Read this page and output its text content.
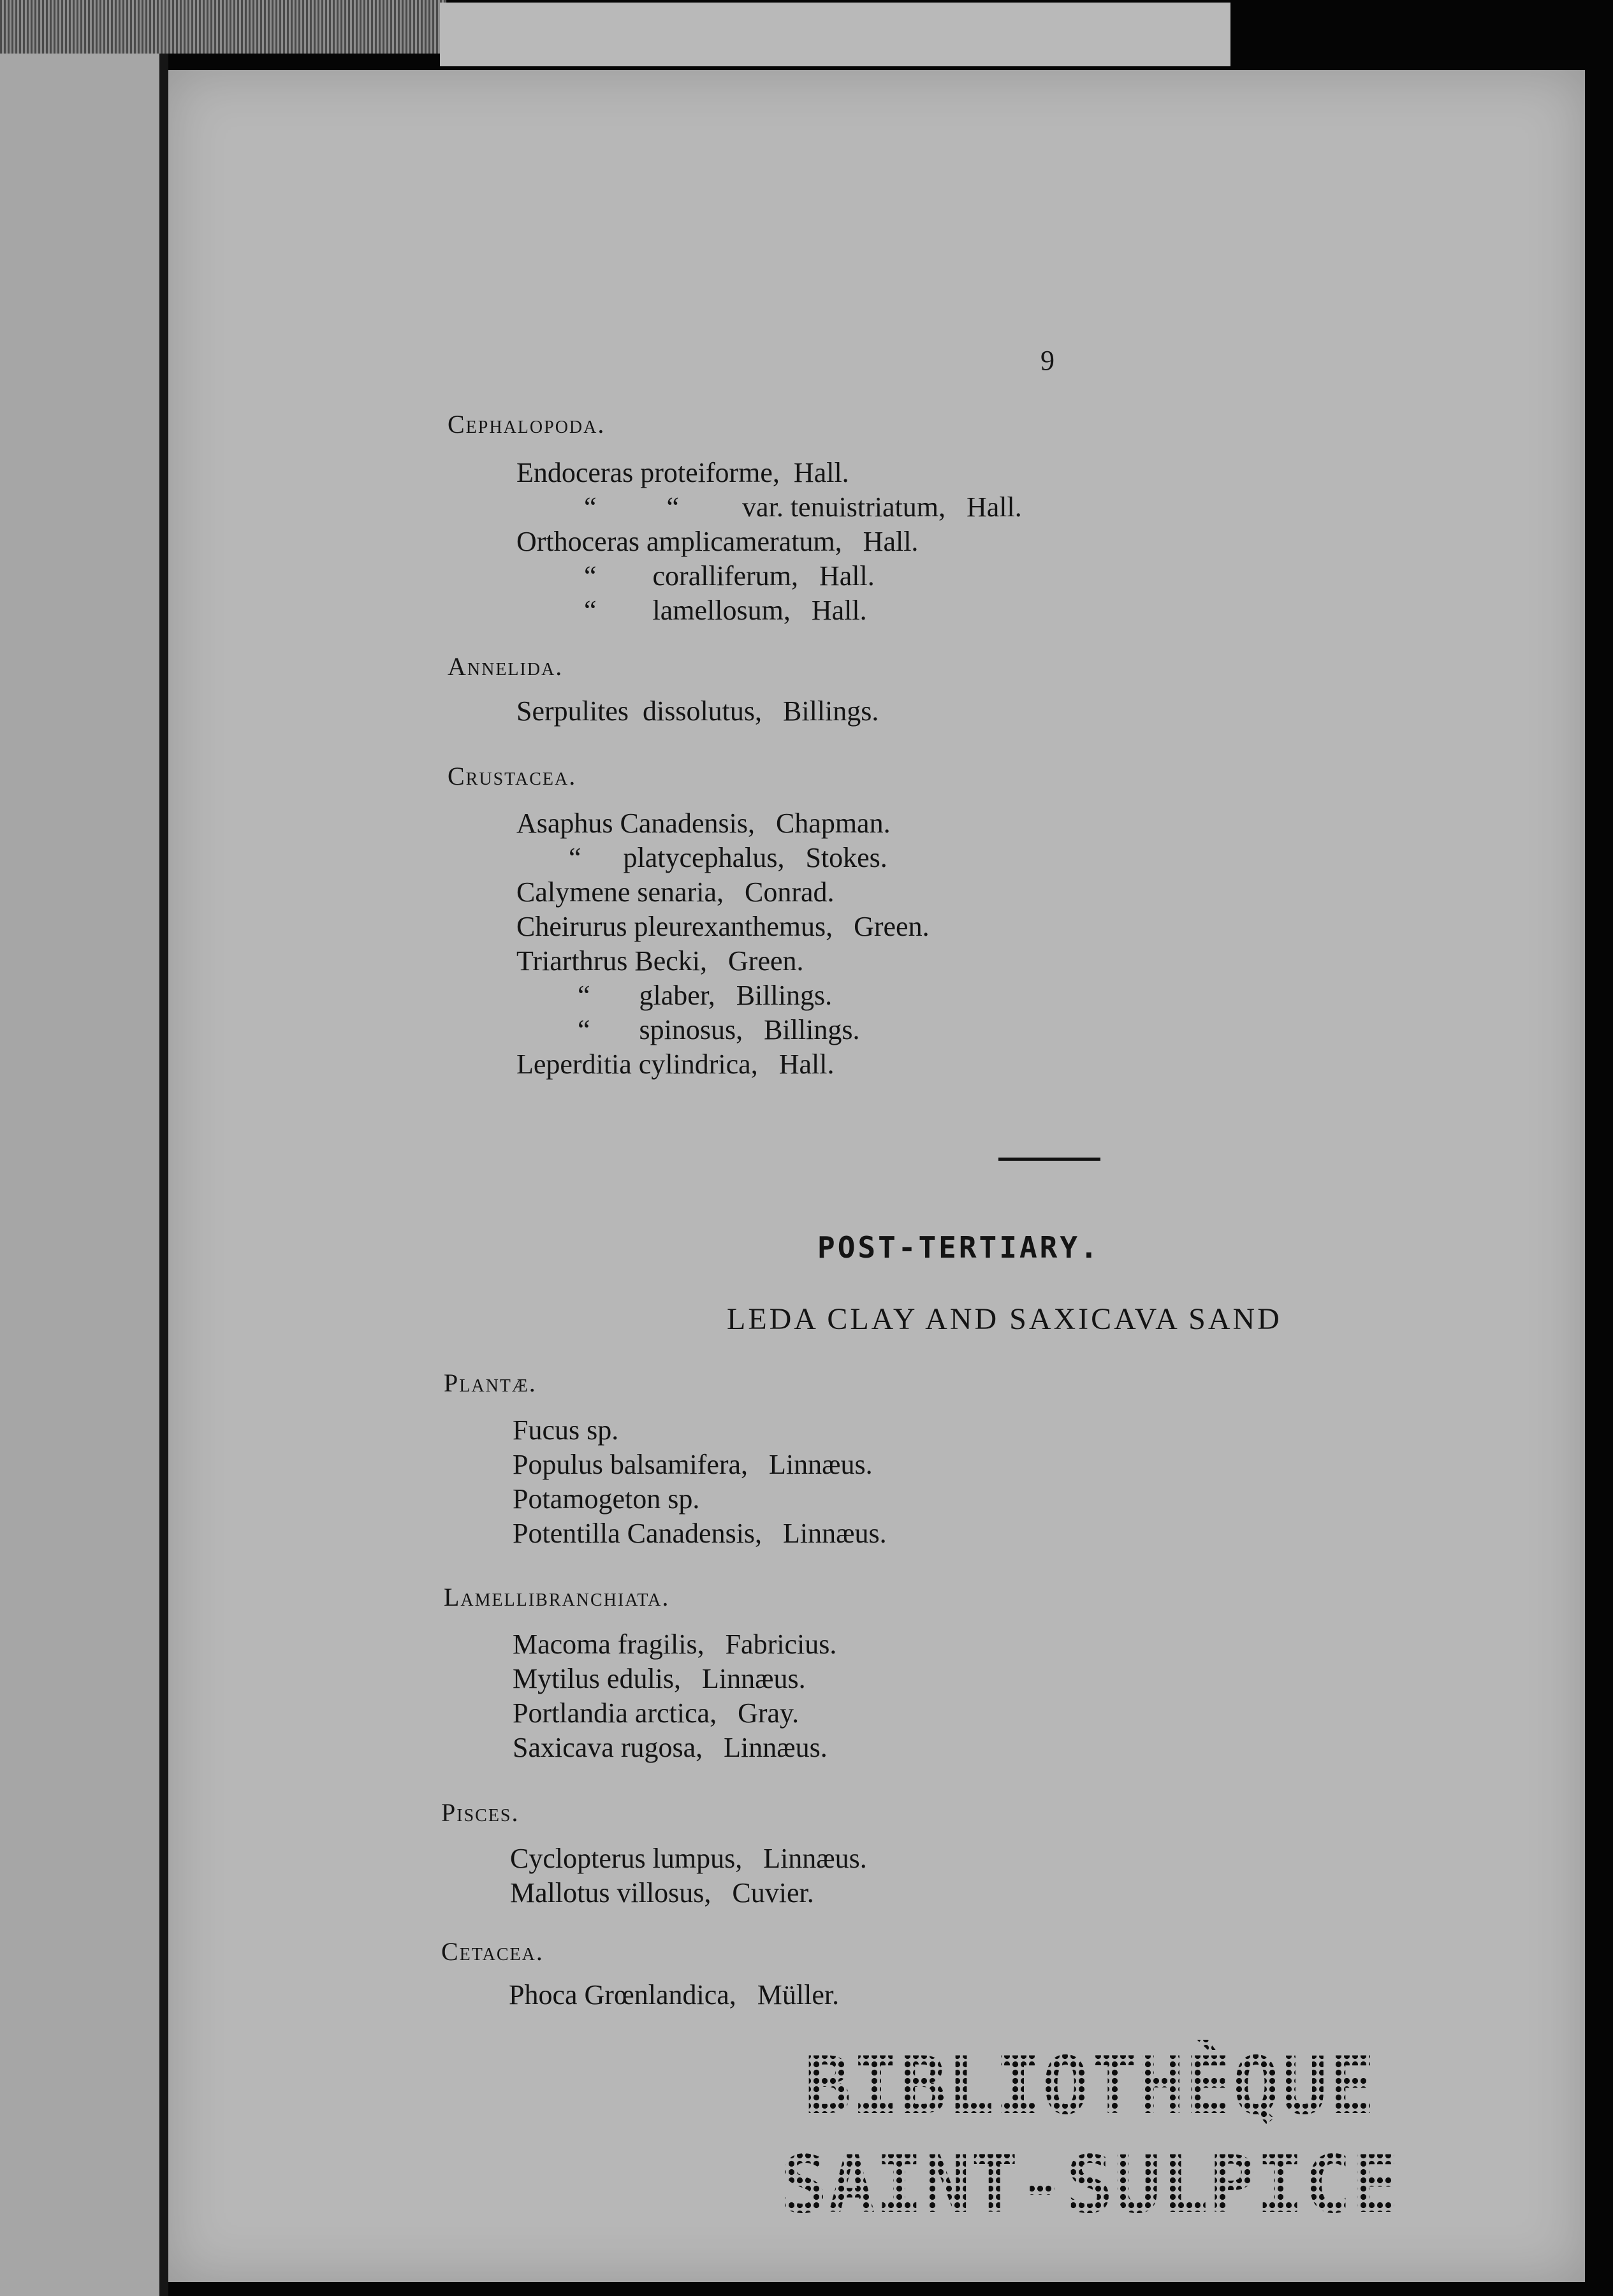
9

Cephalopoda.

Endoceras proteiforme,  Hall.

“          “         var. tenuistriatum,   Hall.

Orthoceras amplicameratum,   Hall.

“        coralliferum,   Hall.

“        lamellosum,   Hall.

Annelida.

Serpulites  dissolutus,   Billings.

Crustacea.

Asaphus Canadensis,   Chapman.

“      platycephalus,   Stokes.

Calymene senaria,   Conrad.

Cheirurus pleurexanthemus,   Green.

Triarthrus Becki,   Green.

“       glaber,   Billings.

“       spinosus,   Billings.

Leperditia cylindrica,   Hall.

POST-TERTIARY.
LEDA CLAY AND SAXICAVA SAND
Plantæ.

Fucus sp.

Populus balsamifera,   Linnæus.

Potamogeton sp.

Potentilla Canadensis,   Linnæus.

Lamellibranchiata.

Macoma fragilis,   Fabricius.

Mytilus edulis,   Linnæus.

Portlandia arctica,   Gray.

Saxicava rugosa,   Linnæus.

Pisces.

Cyclopterus lumpus,   Linnæus.

Mallotus villosus,   Cuvier.

Cetacea.

Phoca Grœnlandica,   Müller.

BIBLIOTHÈQUE
SAINT-SULPICE
